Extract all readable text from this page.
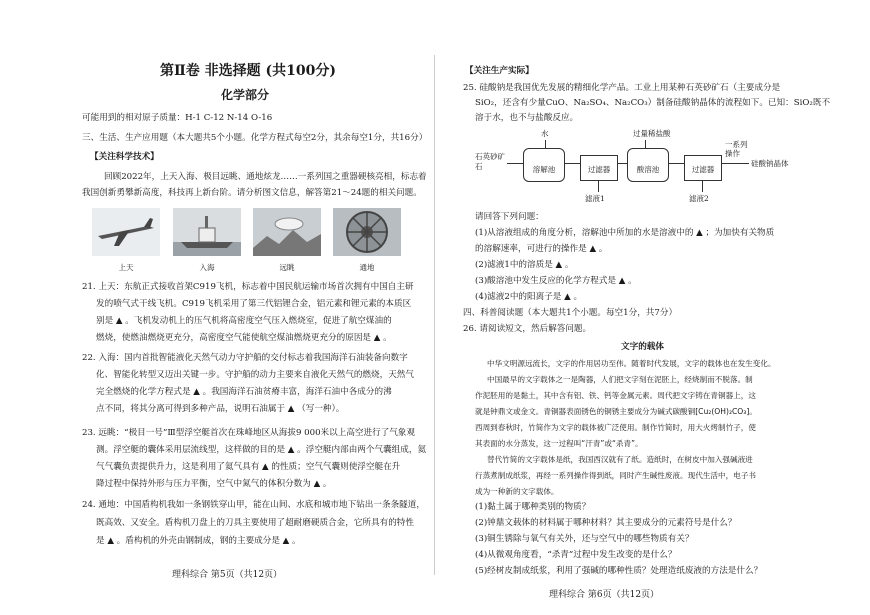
第Ⅱ卷 非选择题 (共100分)
化学部分
可能用到的相对原子质量：H-1 C-12 N-14 O-16
三、生活、生产应用题（本大题共5个小题。化学方程式每空2分，其余每空1分，共16分）
【关注科学技术】
回顾2022年，上天入海、极目远眺、通地炫龙……一系列国之重器硬核亮相，标志着
我国创新勇攀新高度，科技再上新台阶。请分析图文信息，解答第21～24题的相关问题。
上天	入海	远眺	通地
21. 上天：东航正式接收首架C919飞机，标志着中国民航运输市场首次拥有中国自主研
发的喷气式干线飞机。C919飞机采用了第三代铝锂合金，铝元素和锂元素的本质区
别是 ▲ 。飞机发动机上的压气机将高密度空气压入燃烧室，促进了航空煤油的
燃烧，使燃油燃烧更充分，高密度空气能使航空煤油燃烧更充分的原因是 ▲ 。
22. 入海：国内首批智能液化天然气动力守护船的交付标志着我国海洋石油装备向数字
化、智能化转型又迈出关键一步。守护船的动力主要来自液化天然气的燃烧，天然气
完全燃烧的化学方程式是 ▲ 。我国海洋石油贫瘠丰富，海洋石油中各成分的沸
点不同，将其分离可得到多种产品，说明石油属于 ▲ （写一种）。
23. 远眺：“极目一号”Ⅲ型浮空艇首次在珠峰地区从海拔9 000米以上高空进行了气象观
测。浮空艇的囊体采用层流线型，这样做的目的是 ▲ 。浮空艇内部由两个气囊组成，氦
气气囊负责提供升力，这是利用了氦气具有 ▲ 的性质；空气气囊则使浮空艇在升
降过程中保持外形与压力平衡，空气中氮气的体积分数为 ▲ 。
24. 通地：中国盾构机我如一条钢铁穿山甲，能在山间、水底和城市地下钻出一条条隧道，
既高效、又安全。盾构机刀盘上的刀具主要使用了超耐磨硬质合金，它所具有的特性
是 ▲ 。盾构机的外壳由钢制成，钢的主要成分是 ▲ 。
理科综合 第5页（共12页）
【关注生产实际】
25. 硅酸钠是我国优先发展的精细化学产品。工业上用某种石英砂矿石（主要成分是
SiO₂，还含有少量CuO、Na₂SO₄、Na₂CO₃）制备硅酸钠晶体的流程如下。已知：SiO₂既不
溶于水，也不与盐酸反应。
水	过量稀盐酸
石英砂矿石	溶解池	过滤器	酸溶池	过滤器
一系列操作
硅酸钠晶体
滤液1	滤液2
请回答下列问题：
(1)从溶液组成的角度分析，溶解池中所加的水是溶液中的 ▲ ；为加快有关物质
的溶解速率，可进行的操作是 ▲ 。
(2)滤液1中的溶质是 ▲ 。
(3)酸溶池中发生反应的化学方程式是 ▲ 。
(4)滤液2中的阳离子是 ▲ 。
四、科普阅读题（本大题共1个小题。每空1分，共7分）
26. 请阅读短文，然后解答问题。
文字的载体
中华文明源远流长，文字的作用居功至伟。随着时代发展，文字的载体也在发生变化。
中国最早的文字载体之一是陶器，人们把文字刻在泥胚上，经烧制而不脱落。制
作泥胚用的是黏土，其中含有铝、铁、钙等金属元素。周代把文字铸在青铜器上，这
就是钟鼎文或金文。青铜器表面锈色的铜锈主要成分为碱式碳酸铜[Cu₂(OH)₂CO₃]。
西周到春秋时，竹简作为文字的载体被广泛使用。制作竹简时，用大火烤制竹子，使
其表面的水分蒸发，这一过程叫“汗青”或“杀青”。
替代竹简的文字载体是纸，我国西汉就有了纸。造纸时，在树皮中加入强碱液进
行蒸煮制成纸浆，再经一系列操作得到纸，同时产生碱性废液。现代生活中，电子书
成为一种新的文字载体。
(1)黏土属于哪种类别的物质？
(2)钟鼎文载体的材料属于哪种材料？其主要成分的元素符号是什么？
(3)铜生锈除与氧气有关外，还与空气中的哪些物质有关？
(4)从微观角度看，“杀青”过程中发生改变的是什么？
(5)经树皮制成纸浆，利用了强碱的哪种性质？处理造纸废液的方法是什么？
理科综合 第6页（共12页）
